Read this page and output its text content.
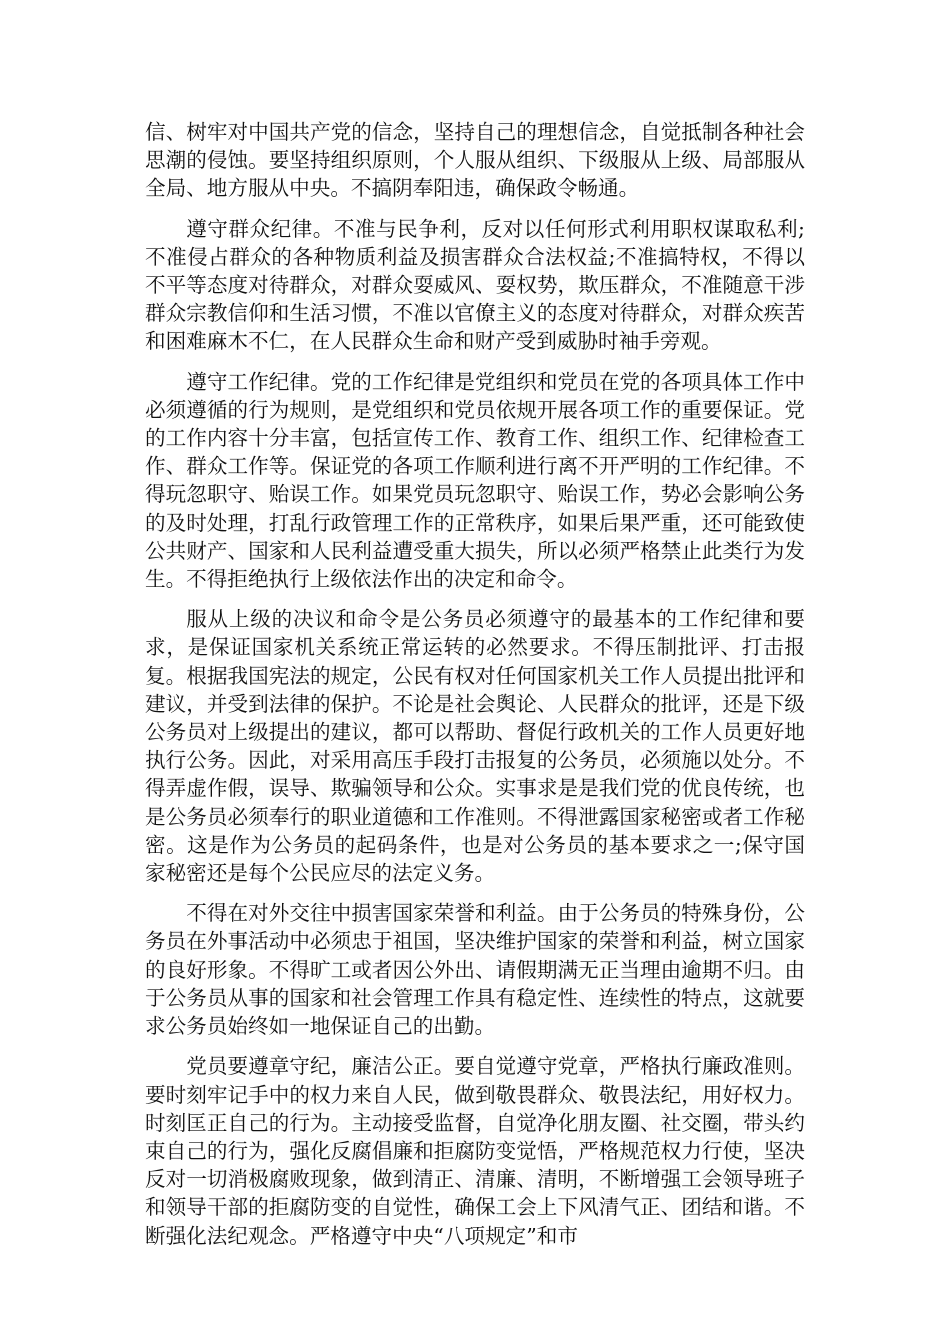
信、树牢对中国共产党的信念，坚持自己的理想信念，自觉抵制各种社会思潮的侵蚀。要坚持组织原则，个人服从组织、下级服从上级、局部服从全局、地方服从中央。不搞阴奉阳违，确保政令畅通。

遵守群众纪律。不准与民争利，反对以任何形式利用职权谋取私利;不准侵占群众的各种物质利益及损害群众合法权益;不准搞特权，不得以不平等态度对待群众，对群众耍威风、耍权势，欺压群众，不准随意干涉群众宗教信仰和生活习惯，不准以官僚主义的态度对待群众，对群众疾苦和困难麻木不仁，在人民群众生命和财产受到威胁时袖手旁观。

遵守工作纪律。党的工作纪律是党组织和党员在党的各项具体工作中必须遵循的行为规则，是党组织和党员依规开展各项工作的重要保证。党的工作内容十分丰富，包括宣传工作、教育工作、组织工作、纪律检查工作、群众工作等。保证党的各项工作顺利进行离不开严明的工作纪律。不得玩忽职守、贻误工作。如果党员玩忽职守、贻误工作，势必会影响公务的及时处理，打乱行政管理工作的正常秩序，如果后果严重，还可能致使公共财产、国家和人民利益遭受重大损失，所以必须严格禁止此类行为发生。不得拒绝执行上级依法作出的决定和命令。

服从上级的决议和命令是公务员必须遵守的最基本的工作纪律和要求，是保证国家机关系统正常运转的必然要求。不得压制批评、打击报复。根据我国宪法的规定，公民有权对任何国家机关工作人员提出批评和建议，并受到法律的保护。不论是社会舆论、人民群众的批评，还是下级公务员对上级提出的建议，都可以帮助、督促行政机关的工作人员更好地执行公务。因此，对采用高压手段打击报复的公务员，必须施以处分。不得弄虚作假，误导、欺骗领导和公众。实事求是是我们党的优良传统，也是公务员必须奉行的职业道德和工作准则。不得泄露国家秘密或者工作秘密。这是作为公务员的起码条件，也是对公务员的基本要求之一;保守国家秘密还是每个公民应尽的法定义务。

不得在对外交往中损害国家荣誉和利益。由于公务员的特殊身份，公务员在外事活动中必须忠于祖国，坚决维护国家的荣誉和利益，树立国家的良好形象。不得旷工或者因公外出、请假期满无正当理由逾期不归。由于公务员从事的国家和社会管理工作具有稳定性、连续性的特点，这就要求公务员始终如一地保证自己的出勤。

党员要遵章守纪，廉洁公正。要自觉遵守党章，严格执行廉政准则。要时刻牢记手中的权力来自人民，做到敬畏群众、敬畏法纪，用好权力。时刻匡正自己的行为。主动接受监督，自觉净化朋友圈、社交圈，带头约束自己的行为，强化反腐倡廉和拒腐防变觉悟，严格规范权力行使，坚决反对一切消极腐败现象，做到清正、清廉、清明，不断增强工会领导班子和领导干部的拒腐防变的自觉性，确保工会上下风清气正、团结和谐。不断强化法纪观念。严格遵守中央“八项规定”和市
